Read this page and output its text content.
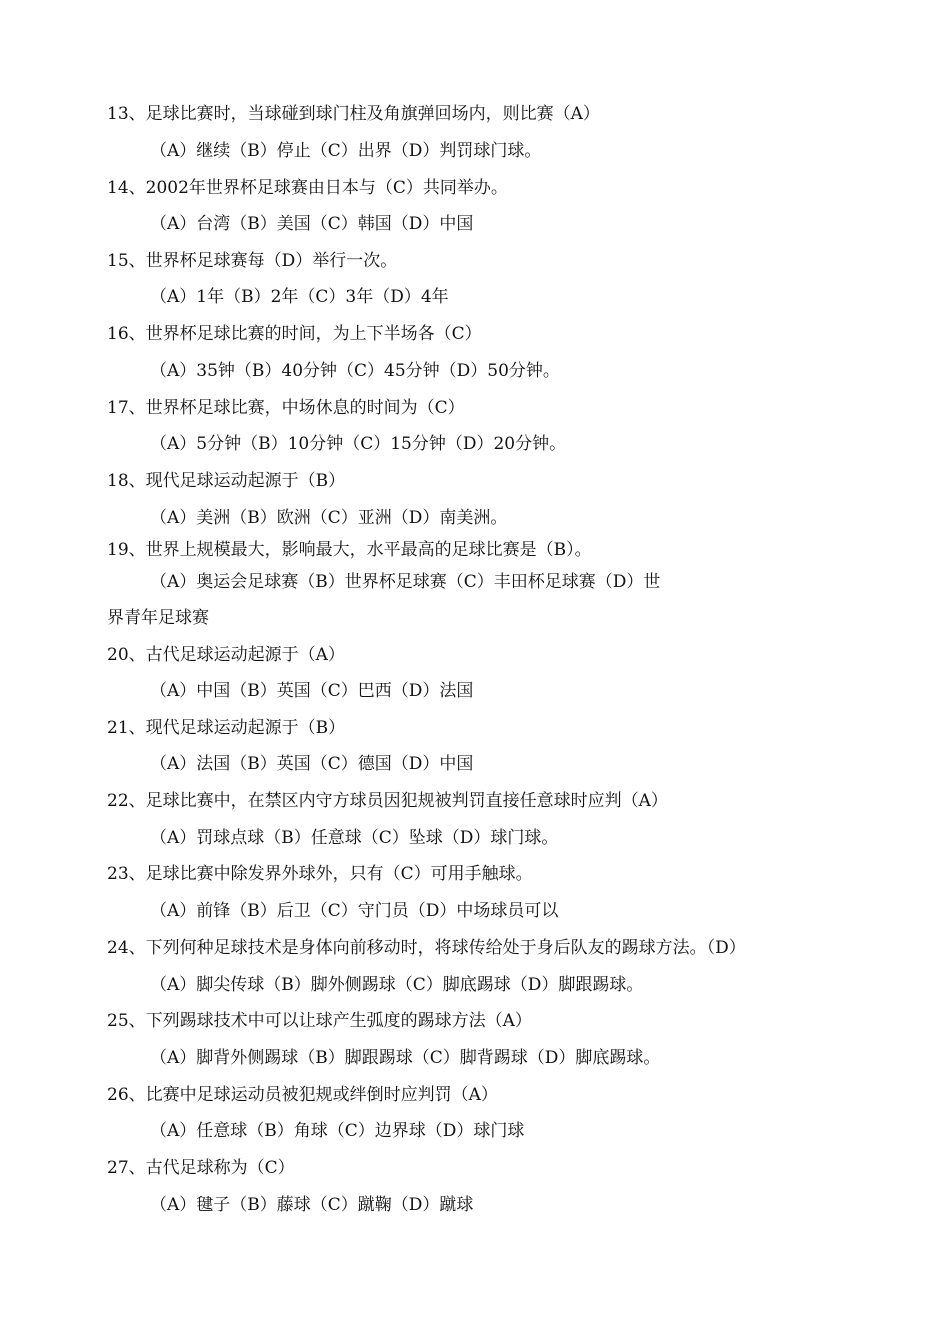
13、足球比赛时，当球碰到球门柱及角旗弹回场内，则比赛（A）
（A）继续（B）停止（C）出界（D）判罚球门球。
14、2002年世界杯足球赛由日本与（C）共同举办。
（A）台湾（B）美国（C）韩国（D）中国
15、世界杯足球赛每（D）举行一次。
（A）1年（B）2年（C）3年（D）4年
16、世界杯足球比赛的时间，为上下半场各（C）
（A）35钟（B）40分钟（C）45分钟（D）50分钟。
17、世界杯足球比赛，中场休息的时间为（C）
（A）5分钟（B）10分钟（C）15分钟（D）20分钟。
18、现代足球运动起源于（B）
（A）美洲（B）欧洲（C）亚洲（D）南美洲。
19、世界上规模最大，影响最大，水平最高的足球比赛是（B）。
（A）奥运会足球赛（B）世界杯足球赛（C）丰田杯足球赛（D）世
界青年足球赛
20、古代足球运动起源于（A）
（A）中国（B）英国（C）巴西（D）法国
21、现代足球运动起源于（B）
（A）法国（B）英国（C）德国（D）中国
22、足球比赛中，在禁区内守方球员因犯规被判罚直接任意球时应判（A）
（A）罚球点球（B）任意球（C）坠球（D）球门球。
23、足球比赛中除发界外球外，只有（C）可用手触球。
（A）前锋（B）后卫（C）守门员（D）中场球员可以
24、下列何种足球技术是身体向前移动时，将球传给处于身后队友的踢球方法。（D）
（A）脚尖传球（B）脚外侧踢球（C）脚底踢球（D）脚跟踢球。
25、下列踢球技术中可以让球产生弧度的踢球方法（A）
（A）脚背外侧踢球（B）脚跟踢球（C）脚背踢球（D）脚底踢球。
26、比赛中足球运动员被犯规或绊倒时应判罚（A）
（A）任意球（B）角球（C）边界球（D）球门球
27、古代足球称为（C）
（A）毽子（B）藤球（C）蹴鞠（D）蹴球
